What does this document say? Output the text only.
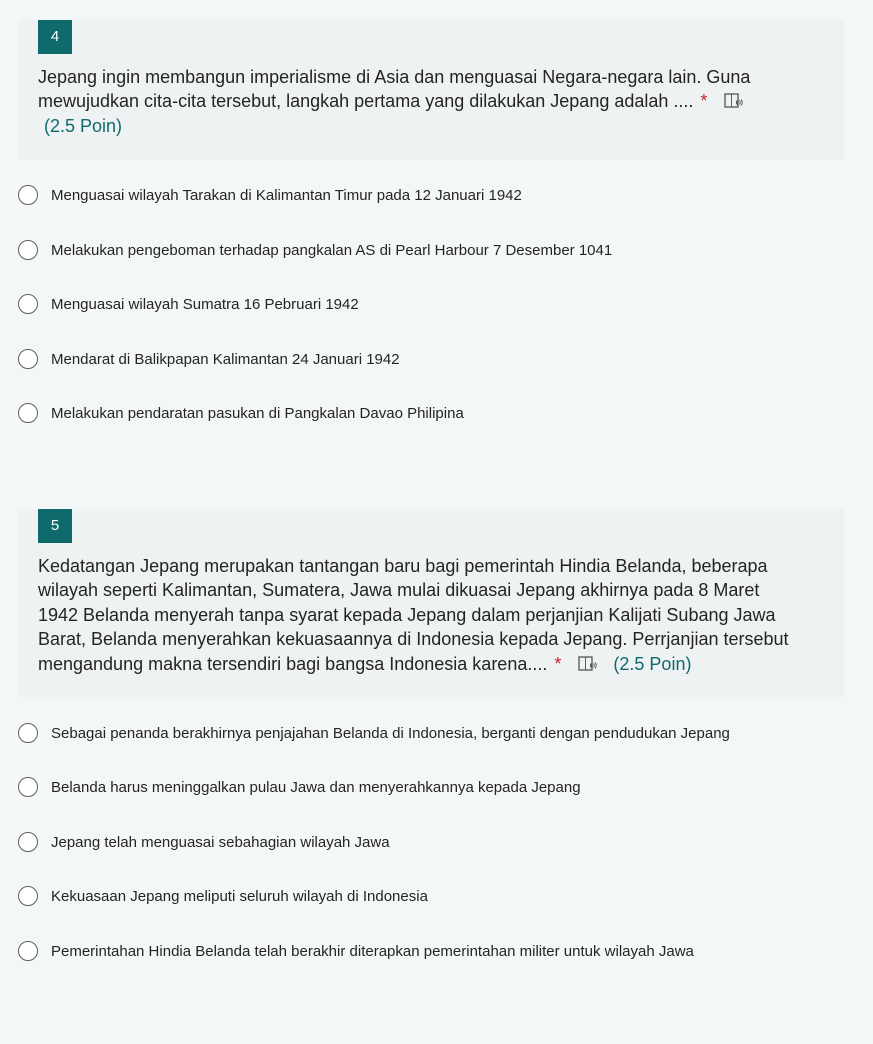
4
Jepang ingin membangun imperialisme di Asia dan menguasai Negara-negara lain. Guna
mewujudkan cita-cita tersebut, langkah pertama yang dilakukan Jepang adalah .... *
(2.5 Poin)
Menguasai wilayah Tarakan di Kalimantan Timur pada 12 Januari 1942
Melakukan pengeboman terhadap pangkalan AS di Pearl Harbour 7 Desember 1041
Menguasai wilayah Sumatra 16 Pebruari 1942
Mendarat di Balikpapan Kalimantan 24 Januari 1942
Melakukan pendaratan pasukan di Pangkalan Davao Philipina
5
Kedatangan Jepang merupakan tantangan baru bagi pemerintah Hindia Belanda, beberapa
wilayah seperti Kalimantan, Sumatera, Jawa mulai dikuasai Jepang akhirnya pada 8 Maret
1942 Belanda menyerah tanpa syarat kepada Jepang dalam perjanjian Kalijati Subang Jawa
Barat, Belanda menyerahkan kekuasaannya di Indonesia kepada Jepang. Perrjanjian tersebut
mengandung makna tersendiri bagi bangsa Indonesia karena.... *	(2.5 Poin)
Sebagai penanda berakhirnya penjajahan Belanda di Indonesia, berganti dengan pendudukan Jepang
Belanda harus meninggalkan pulau Jawa dan menyerahkannya kepada Jepang
Jepang telah menguasai sebahagian wilayah Jawa
Kekuasaan Jepang meliputi seluruh wilayah di Indonesia
Pemerintahan Hindia Belanda telah berakhir diterapkan pemerintahan militer untuk wilayah Jawa
